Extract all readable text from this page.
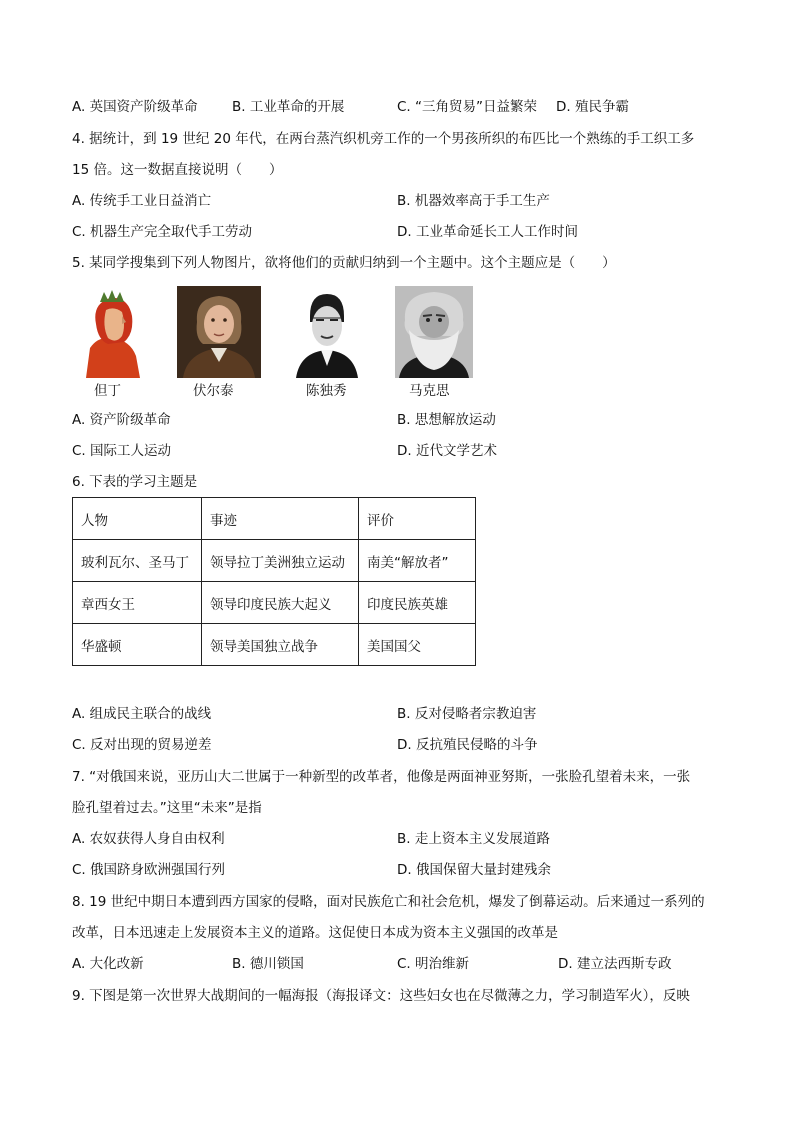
A. 英国资产阶级革命	B. 工业革命的开展	C. “三角贸易”日益繁荣 D. 殖民争霸
4. 据统计，到 19 世纪 20 年代，在两台蒸汽织机旁工作的一个男孩所织的布匹比一个熟练的手工织工多
15 倍。这一数据直接说明（　　）
A. 传统手工业日益消亡	B. 机器效率高于手工生产
C. 机器生产完全取代手工劳动	D. 工业革命延长工人工作时间
5. 某同学搜集到下列人物图片，欲将他们的贡献归纳到一个主题中。这个主题应是（　　）
但丁	伏尔泰	陈独秀	马克思
A. 资产阶级革命	B. 思想解放运动
C. 国际工人运动	D. 近代文学艺术
6. 下表的学习主题是
人物	事迹	评价
玻利瓦尔、圣马丁	领导拉丁美洲独立运动	南美“解放者”
章西女王	领导印度民族大起义	印度民族英雄
华盛顿	领导美国独立战争	美国国父
A. 组成民主联合的战线	B. 反对侵略者宗教迫害
C. 反对出现的贸易逆差	D. 反抗殖民侵略的斗争
7. “对俄国来说，亚历山大二世属于一种新型的改革者，他像是两面神亚努斯，一张脸孔望着未来，一张
脸孔望着过去。”这里“未来”是指
A. 农奴获得人身自由权利	B. 走上资本主义发展道路
C. 俄国跻身欧洲强国行列	D. 俄国保留大量封建残余
8. 19 世纪中期日本遭到西方国家的侵略，面对民族危亡和社会危机，爆发了倒幕运动。后来通过一系列的
改革，日本迅速走上发展资本主义的道路。这促使日本成为资本主义强国的改革是
A. 大化改新	B. 德川锁国	C. 明治维新	D. 建立法西斯专政
9. 下图是第一次世界大战期间的一幅海报（海报译文：这些妇女也在尽微薄之力，学习制造军火），反映
